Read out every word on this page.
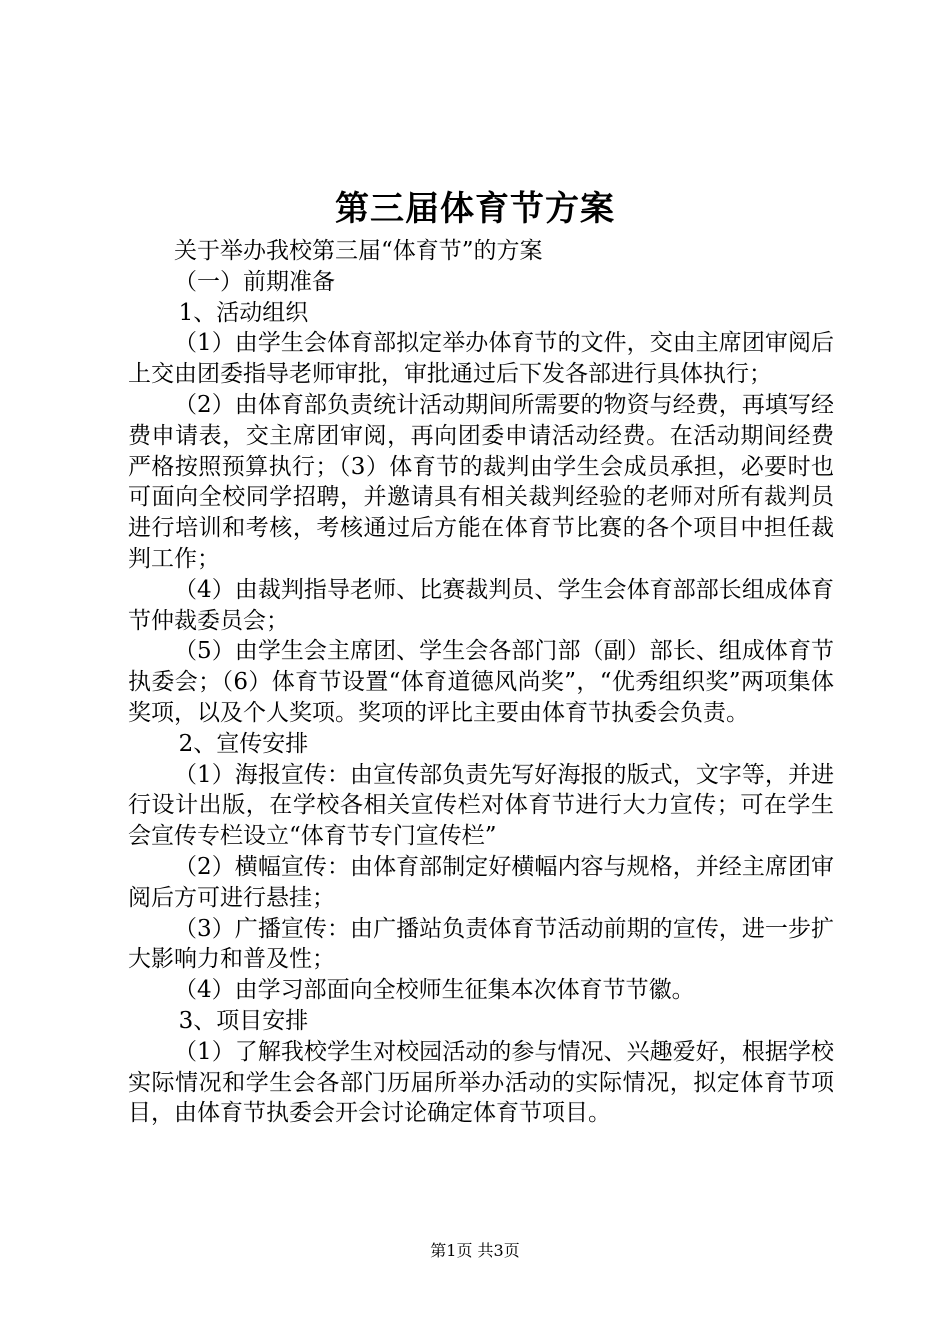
第三届体育节方案

关于举办我校第三届“体育节”的方案

（一）前期准备

1、活动组织

（1）由学生会体育部拟定举办体育节的文件，交由主席团审阅后上交由团委指导老师审批，审批通过后下发各部进行具体执行；

（2）由体育部负责统计活动期间所需要的物资与经费，再填写经费申请表，交主席团审阅，再向团委申请活动经费。在活动期间经费严格按照预算执行；（3）体育节的裁判由学生会成员承担，必要时也可面向全校同学招聘，并邀请具有相关裁判经验的老师对所有裁判员进行培训和考核，考核通过后方能在体育节比赛的各个项目中担任裁判工作；

（4）由裁判指导老师、比赛裁判员、学生会体育部部长组成体育节仲裁委员会；

（5）由学生会主席团、学生会各部门部（副）部长、组成体育节执委会；（6）体育节设置“体育道德风尚奖”，“优秀组织奖”两项集体奖项，以及个人奖项。奖项的评比主要由体育节执委会负责。

2、宣传安排

（1）海报宣传：由宣传部负责先写好海报的版式，文字等，并进行设计出版，在学校各相关宣传栏对体育节进行大力宣传；可在学生会宣传专栏设立“体育节专门宣传栏”

（2）横幅宣传：由体育部制定好横幅内容与规格，并经主席团审阅后方可进行悬挂；

（3）广播宣传：由广播站负责体育节活动前期的宣传，进一步扩大影响力和普及性；

（4）由学习部面向全校师生征集本次体育节节徽。

3、项目安排

（1）了解我校学生对校园活动的参与情况、兴趣爱好，根据学校实际情况和学生会各部门历届所举办活动的实际情况，拟定体育节项目，由体育节执委会开会讨论确定体育节项目。

第1页 共3页
